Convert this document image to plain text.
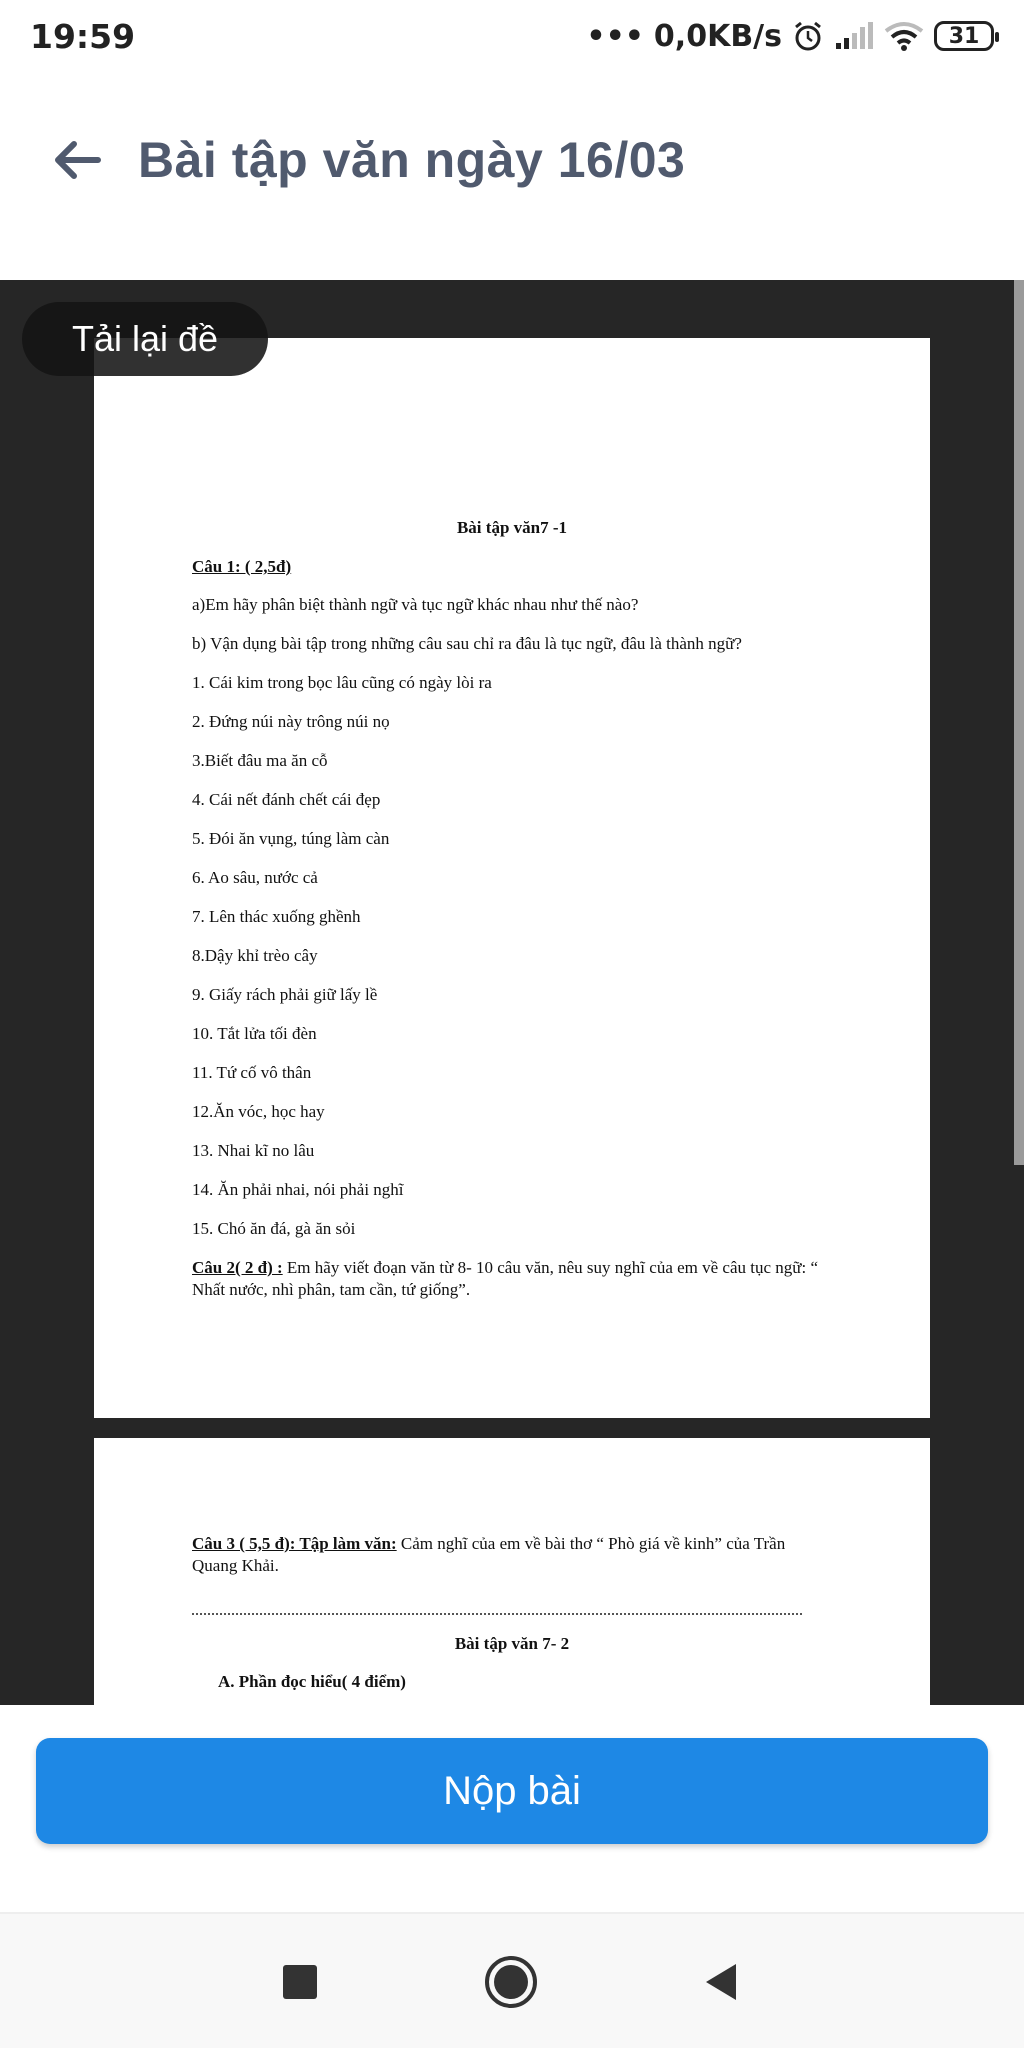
19:59	••• 0,0KB/s	31
Bài tập văn ngày 16/03
Tải lại đề
Bài tập văn7 -1
Câu 1: ( 2,5đ)
a)Em hãy phân biệt thành ngữ và tục ngữ khác nhau như thế nào?
b) Vận dụng bài tập trong những câu sau chỉ ra đâu là tục ngữ, đâu là thành ngữ?
1. Cái kim trong bọc lâu cũng có ngày lòi ra
2. Đứng núi này trông núi nọ
3.Biết đâu ma ăn cỗ
4. Cái nết đánh chết cái đẹp
5. Đói ăn vụng, túng làm càn
6. Ao sâu, nước cả
7. Lên thác xuống ghềnh
8.Dậy khỉ trèo cây
9. Giấy rách phải giữ lấy lề
10. Tắt lửa tối đèn
11. Tứ cố vô thân
12.Ăn vóc, học hay
13. Nhai kĩ no lâu
14. Ăn phải nhai, nói phải nghĩ
15. Chó ăn đá, gà ăn sỏi
Câu 2( 2 đ) : Em hãy viết đoạn văn từ 8- 10 câu văn, nêu suy nghĩ của em về câu tục ngữ: “ Nhất nước, nhì phân, tam cần, tứ giống”.
Câu 3 ( 5,5 đ): Tập làm văn: Cảm nghĩ của em về bài thơ “ Phò giá về kinh” của Trần Quang Khải.
Bài tập văn 7- 2
A. Phần đọc hiểu( 4 điểm)
Nộp bài
